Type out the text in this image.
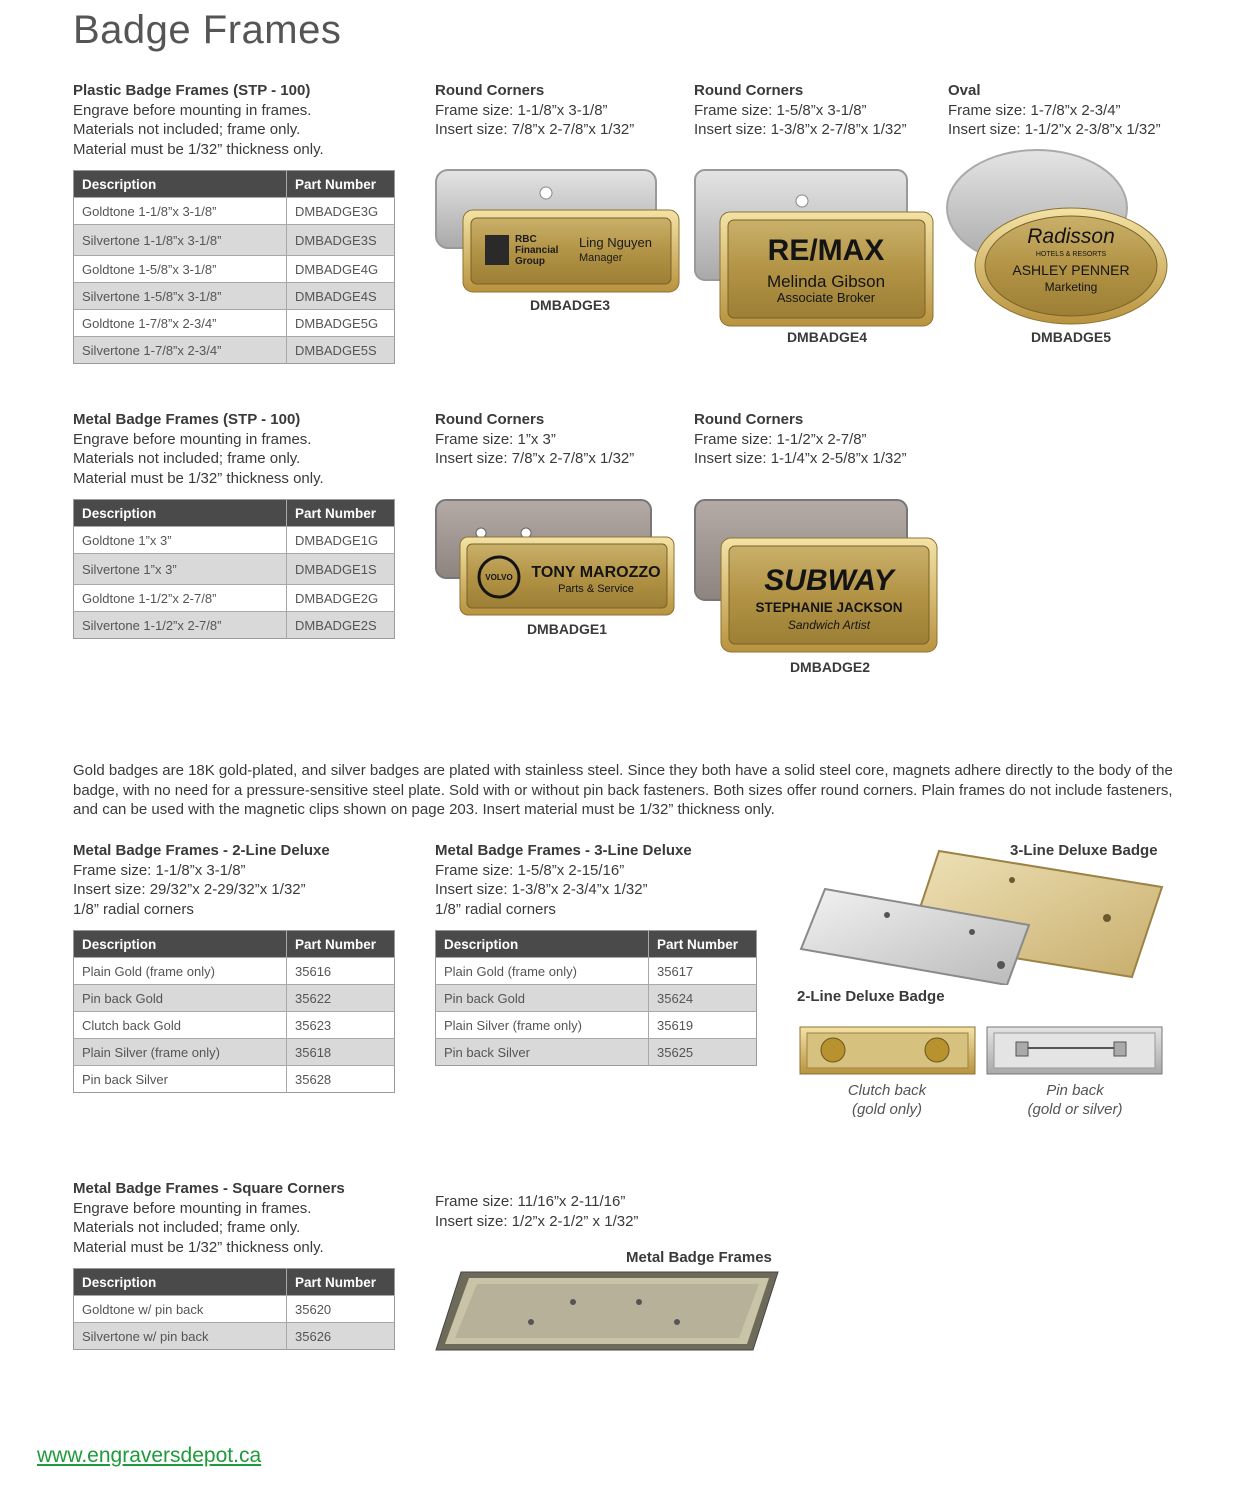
Badge Frames
Plastic Badge Frames (STP - 100)
Engrave before mounting in frames.
Materials not included; frame only.
Material must be 1/32” thickness only.
Description	Part Number
Goldtone 1-1/8”x 3-1/8”	DMBADGE3G
Silvertone 1-1/8”x 3-1/8”	DMBADGE3S
Goldtone 1-5/8”x 3-1/8”	DMBADGE4G
Silvertone 1-5/8”x 3-1/8”	DMBADGE4S
Goldtone 1-7/8”x 2-3/4”	DMBADGE5G
Silvertone 1-7/8”x 2-3/4”	DMBADGE5S
Round Corners
Frame size: 1-1/8”x 3-1/8”
Insert size: 7/8”x 2-7/8”x 1/32”
Round Corners
Frame size: 1-5/8”x 3-1/8”
Insert size: 1-3/8”x 2-7/8”x 1/32”
Oval
Frame size: 1-7/8”x 2-3/4”
Insert size: 1-1/2”x 2-3/8”x 1/32”
RBC
Financial
Group
Ling Nguyen
Manager
DMBADGE3
RE/MAX
Melinda Gibson
Associate Broker
DMBADGE4
Radisson
HOTELS & RESORTS
ASHLEY PENNER
Marketing
DMBADGE5
Metal Badge Frames (STP - 100)
Engrave before mounting in frames.
Materials not included; frame only.
Material must be 1/32” thickness only.
Description	Part Number
Goldtone 1”x 3”	DMBADGE1G
Silvertone 1”x 3”	DMBADGE1S
Goldtone 1-1/2”x 2-7/8”	DMBADGE2G
Silvertone 1-1/2”x 2-7/8”	DMBADGE2S
Round Corners
Frame size: 1”x 3”
Insert size: 7/8”x 2-7/8”x 1/32”
Round Corners
Frame size: 1-1/2”x 2-7/8”
Insert size: 1-1/4”x 2-5/8”x 1/32”
VOLVO TONY MAROZZO
Parts & Service
DMBADGE1
SUBWAY
STEPHANIE JACKSON
Sandwich Artist
DMBADGE2
Gold badges are 18K gold-plated, and silver badges are plated with stainless steel. Since they both have a solid steel core, magnets adhere directly to the body of the badge, with no need for a pressure-sensitive steel plate. Sold with or without pin back fasteners. Both sizes offer round corners. Plain frames do not include fasteners, and can be used with the magnetic clips shown on page 203. Insert material must be 1/32” thickness only.
Metal Badge Frames - 2-Line Deluxe
Frame size: 1-1/8”x 3-1/8”
Insert size: 29/32”x 2-29/32”x 1/32”
1/8” radial corners
Description	Part Number
Plain Gold (frame only)	35616
Pin back Gold	35622
Clutch back Gold	35623
Plain Silver (frame only)	35618
Pin back Silver	35628
Metal Badge Frames - 3-Line Deluxe
Frame size: 1-5/8”x 2-15/16”
Insert size: 1-3/8”x 2-3/4”x 1/32”
1/8” radial corners
Description	Part Number
Plain Gold (frame only)	35617
Pin back Gold	35624
Plain Silver (frame only)	35619
Pin back Silver	35625
3-Line Deluxe Badge
2-Line Deluxe Badge
Clutch back
(gold only)
Pin back
(gold or silver)
Metal Badge Frames - Square Corners
Engrave before mounting in frames.
Materials not included; frame only.
Material must be 1/32” thickness only.
Description	Part Number
Goldtone w/ pin back	35620
Silvertone w/ pin back	35626
Frame size: 11/16”x 2-11/16”
Insert size: 1/2”x 2-1/2” x 1/32”
Metal Badge Frames
www.engraversdepot.ca
